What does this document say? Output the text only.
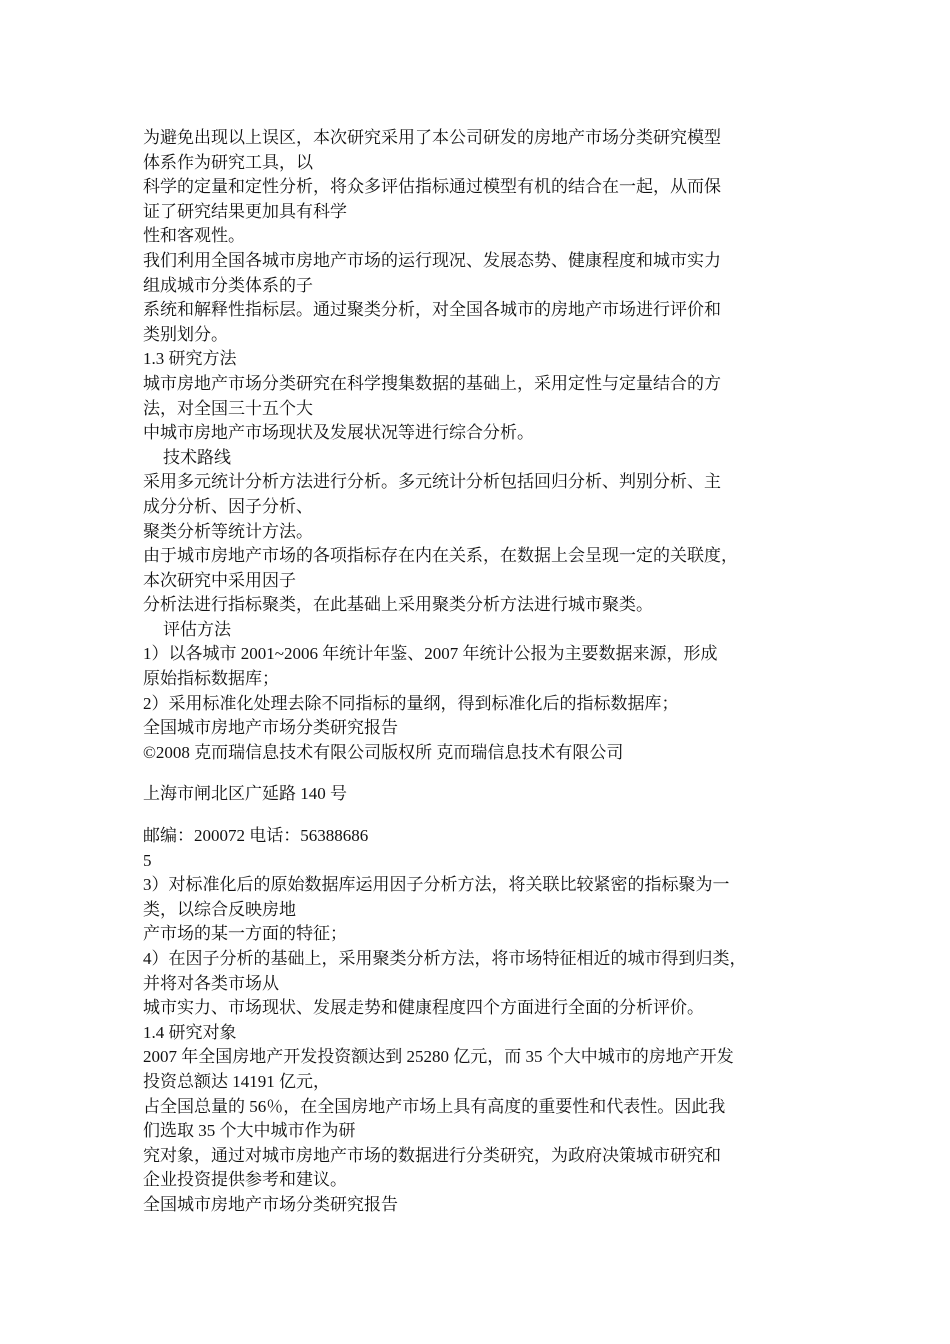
为避免出现以上误区，本次研究采用了本公司研发的房地产市场分类研究模型

体系作为研究工具，以

科学的定量和定性分析，将众多评估指标通过模型有机的结合在一起，从而保

证了研究结果更加具有科学

性和客观性。

我们利用全国各城市房地产市场的运行现况、发展态势、健康程度和城市实力

组成城市分类体系的子

系统和解释性指标层。通过聚类分析，对全国各城市的房地产市场进行评价和

类别划分。

1.3 研究方法

城市房地产市场分类研究在科学搜集数据的基础上，采用定性与定量结合的方

法，对全国三十五个大

中城市房地产市场现状及发展状况等进行综合分析。

技术路线

采用多元统计分析方法进行分析。多元统计分析包括回归分析、判别分析、主

成分分析、因子分析、

聚类分析等统计方法。

由于城市房地产市场的各项指标存在内在关系，在数据上会呈现一定的关联度，

本次研究中采用因子

分析法进行指标聚类，在此基础上采用聚类分析方法进行城市聚类。

评估方法

1）以各城市 2001~2006 年统计年鉴、2007 年统计公报为主要数据来源，形成

原始指标数据库；

2）采用标准化处理去除不同指标的量纲，得到标准化后的指标数据库；

全国城市房地产市场分类研究报告

©2008 克而瑞信息技术有限公司版权所 克而瑞信息技术有限公司

上海市闸北区广延路 140 号

邮编：200072 电话：56388686

5

3）对标准化后的原始数据库运用因子分析方法，将关联比较紧密的指标聚为一

类，以综合反映房地

产市场的某一方面的特征；

4）在因子分析的基础上，采用聚类分析方法，将市场特征相近的城市得到归类，

并将对各类市场从

城市实力、市场现状、发展走势和健康程度四个方面进行全面的分析评价。

1.4 研究对象

2007 年全国房地产开发投资额达到 25280 亿元，而 35 个大中城市的房地产开发

投资总额达 14191 亿元，

占全国总量的 56％，在全国房地产市场上具有高度的重要性和代表性。因此我

们选取 35 个大中城市作为研

究对象，通过对城市房地产市场的数据进行分类研究，为政府决策城市研究和

企业投资提供参考和建议。

全国城市房地产市场分类研究报告
